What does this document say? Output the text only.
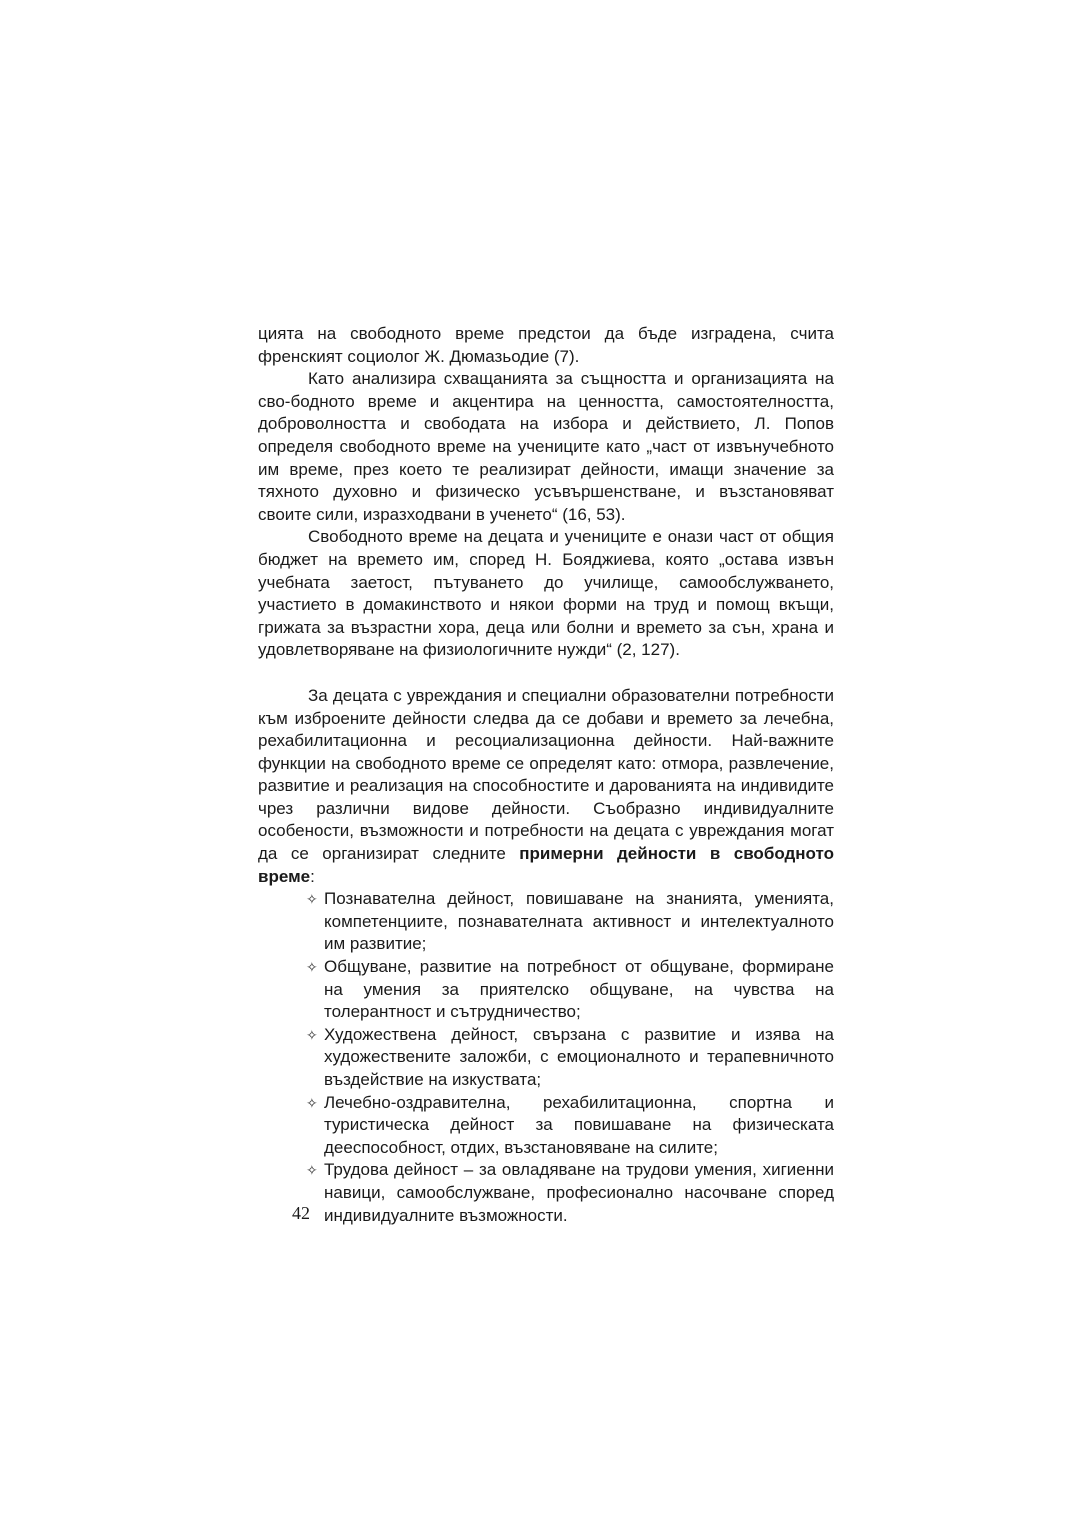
цията на свободното време предстои да бъде изградена, счита френският социолог Ж. Дюмазьодие (7).

Като анализира схващанията за същността и организацията на сво-бодното време и акцентира на ценността, самостоятелността, доброволността и свободата на избора и действието, Л. Попов определя свободното време на учениците като „част от извънучебното им време, през което те реализират дейности, имащи значение за тяхното духовно и физическо усъвършенстване, и възстановяват своите сили, изразходвани в ученето“ (16, 53).

Свободното време на децата и учениците е онази част от общия бюджет на времето им, според Н. Бояджиева, която „остава извън учебната заетост, пътуването до училище, самообслужването, участието в домакинството и някои форми на труд и помощ вкъщи, грижата за възрастни хора, деца или болни и времето за сън, храна и удовлетворяване на физиологичните нужди“ (2, 127).

За децата с увреждания и специални образователни потребности към изброените дейности следва да се добави и времето за лечебна, рехабилитационна и ресоциализационна дейности. Най-важните функции на свободното време се определят като: отмора, развлечение, развитие и реализация на способностите и дарованията на индивидите чрез различни видове дейности. Съобразно индивидуалните особености, възможности и потребности на децата с увреждания могат да се организират следните примерни дейности в свободното време:

✧ Познавателна дейност, повишаване на знанията, уменията, компетенциите, познавателната активност и интелектуалното им развитие;
✧ Общуване, развитие на потребност от общуване, формиране на умения за приятелско общуване, на чувства на толерантност и сътрудничество;
✧ Художествена дейност, свързана с развитие и изява на художествените заложби, с емоционалното и терапевничното въздействие на изкуствата;
✧ Лечебно-оздравителна, рехабилитационна, спортна и туристическа дейност за повишаване на физическата дееспособност, отдих, възстановяване на силите;
✧ Трудова дейност – за овладяване на трудови умения, хигиенни навици, самообслужване, професионално насочване според индивидуалните възможности.
42
